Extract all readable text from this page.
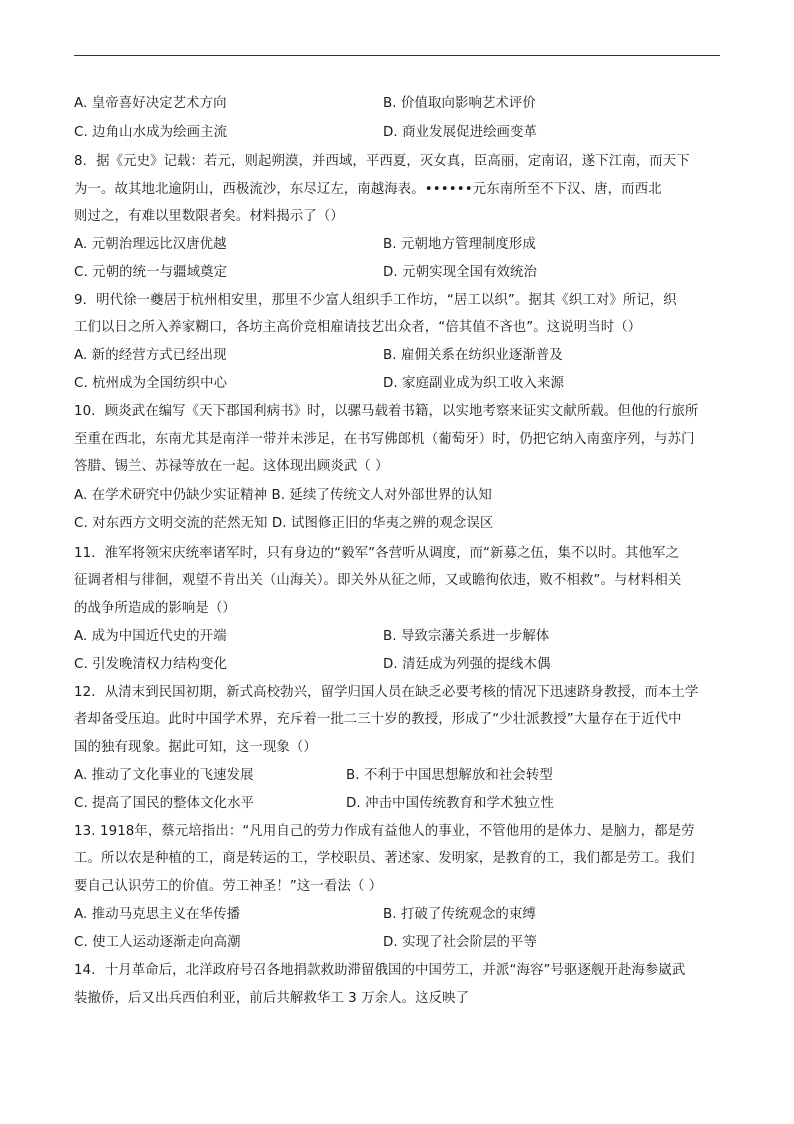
A. 皇帝喜好决定艺术方向	B. 价值取向影响艺术评价
C. 边角山水成为绘画主流	D. 商业发展促进绘画变革
8．据《元史》记载：若元，则起朔漠，并西域，平西夏，灭女真，臣高丽，定南诏，遂下江南，而天下
为一。故其地北逾阴山，西极流沙，东尽辽左，南越海表。••••••元东南所至不下汉、唐，而西北
则过之，有难以里数限者矣。材料揭示了（）
A. 元朝治理远比汉唐优越	B. 元朝地方管理制度形成
C. 元朝的统一与疆域奠定	D. 元朝实现全国有效统治
9．明代徐一夔居于杭州相安里，那里不少富人组织手工作坊，“居工以织”。据其《织工对》所记，织
工们以日之所入养家糊口，各坊主高价竞相雇请技艺出众者，“倍其值不吝也”。这说明当时（）
A. 新的经营方式已经出现	B. 雇佣关系在纺织业逐渐普及
C. 杭州成为全国纺织中心	D. 家庭副业成为织工收入来源
10．顾炎武在编写《天下郡国利病书》时，以骡马载着书籍，以实地考察来证实文献所载。但他的行旅所
至重在西北，东南尤其是南洋一带并未涉足，在书写佛郎机（葡萄牙）时，仍把它纳入南蛮序列，与苏门
答腊、锡兰、苏禄等放在一起。这体现出顾炎武（ ）
A. 在学术研究中仍缺少实证精神 B. 延续了传统文人对外部世界的认知
C. 对东西方文明交流的茫然无知 D. 试图修正旧的华夷之辨的观念误区
11．淮军将领宋庆统率诸军时，只有身边的“毅军”各营听从调度，而“新募之伍，集不以时。其他军之
征调者相与徘徊，观望不肯出关（山海关）。即关外从征之师，又或瞻徇依违，败不相救”。与材料相关
的战争所造成的影响是（）
A. 成为中国近代史的开端	B. 导致宗藩关系进一步解体
C. 引发晚清权力结构变化	D. 清廷成为列强的提线木偶
12．从清末到民国初期，新式高校勃兴，留学归国人员在缺乏必要考核的情况下迅速跻身教授，而本土学
者却备受压迫。此时中国学术界，充斥着一批二三十岁的教授，形成了“少壮派教授”大量存在于近代中
国的独有现象。据此可知，这一现象（）
A. 推动了文化事业的飞速发展	B. 不利于中国思想解放和社会转型
C. 提高了国民的整体文化水平	D. 冲击中国传统教育和学术独立性
13. 1918年，蔡元培指出：“凡用自己的劳力作成有益他人的事业，不管他用的是体力、是脑力，都是劳
工。所以农是种植的工，商是转运的工，学校职员、著述家、发明家，是教育的工，我们都是劳工。我们
要自己认识劳工的价值。劳工神圣！”这一看法（ ）
A. 推动马克思主义在华传播	B. 打破了传统观念的束缚
C. 使工人运动逐渐走向高潮	D. 实现了社会阶层的平等
14．十月革命后，北洋政府号召各地捐款救助滞留俄国的中国劳工，并派“海容”号驱逐舰开赴海参崴武
装撤侨，后又出兵西伯利亚，前后共解救华工 3 万余人。这反映了
